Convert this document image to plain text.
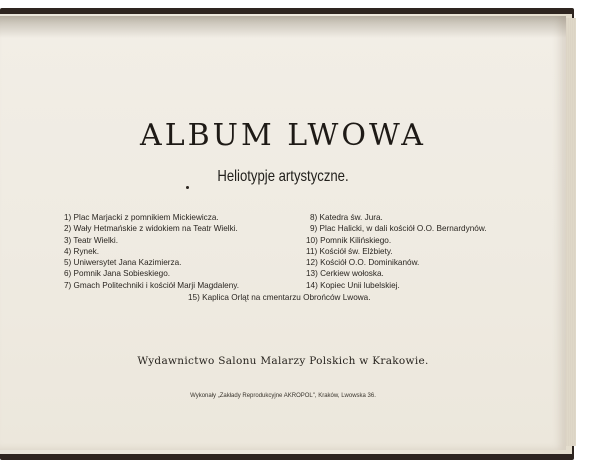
ALBUM LWOWA
Heliotypje artystyczne.
1) Plac Marjacki z pomnikiem Mickiewicza.
2) Wały Hetmańskie z widokiem na Teatr Wielki.
3) Teatr Wielki.
4) Rynek.
5) Uniwersytet Jana Kazimierza.
6) Pomnik Jana Sobieskiego.
7) Gmach Politechniki i kościół Marji Magdaleny.
8) Katedra św. Jura.
9) Plac Halicki, w dali kościół O.O. Bernardynów.
10) Pomnik Kilińskiego.
11) Kościół św. Elżbiety.
12) Kościół O.O. Dominikanów.
13) Cerkiew wołoska.
14) Kopiec Unii lubelskiej.
15) Kaplica Orląt na cmentarzu Obrońców Lwowa.
Wydawnictwo Salonu Malarzy Polskich w Krakowie.
Wykonały „Zakłady Reprodukcyjne AKROPOL", Kraków, Lwowska 36.
